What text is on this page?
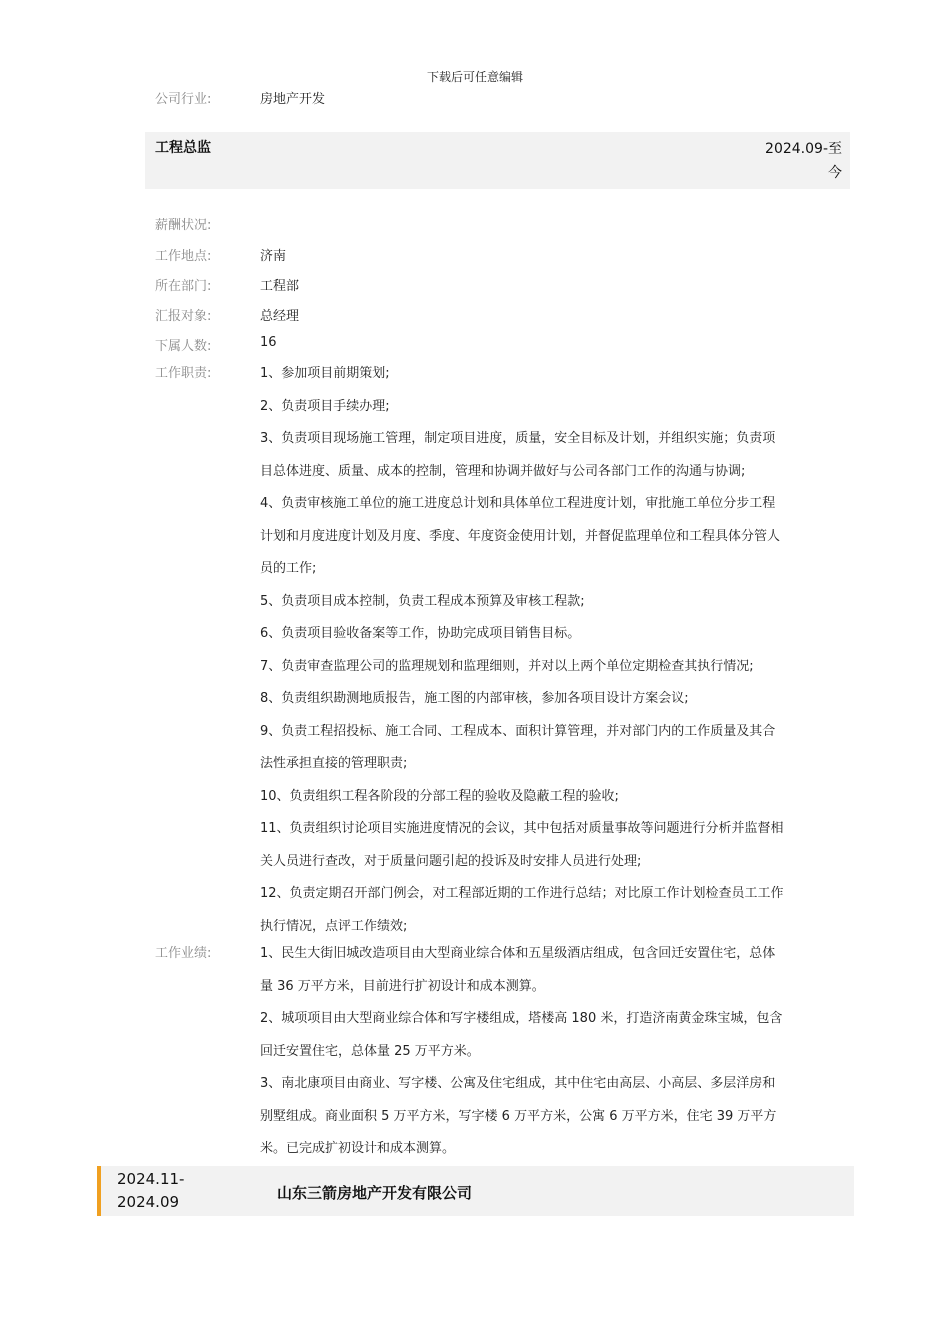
下载后可任意编辑
公司行业:	房地产开发
工程总监	2024.09-至
今
薪酬状况:
工作地点:	济南
所在部门:	工程部
汇报对象:	总经理
下属人数:	16
工作职责:	1、参加项目前期策划;

2、负责项目手续办理;

3、负责项目现场施工管理，制定项目进度，质量，安全目标及计划，并组织实施；负责项

目总体进度、质量、成本的控制，管理和协调并做好与公司各部门工作的沟通与协调;

4、负责审核施工单位的施工进度总计划和具体单位工程进度计划，审批施工单位分步工程

计划和月度进度计划及月度、季度、年度资金使用计划，并督促监理单位和工程具体分管人

员的工作;

5、负责项目成本控制，负责工程成本预算及审核工程款;

6、负责项目验收备案等工作，协助完成项目销售目标。

7、负责审查监理公司的监理规划和监理细则，并对以上两个单位定期检查其执行情况;

8、负责组织勘测地质报告，施工图的内部审核，参加各项目设计方案会议;

9、负责工程招投标、施工合同、工程成本、面积计算管理，并对部门内的工作质量及其合

法性承担直接的管理职责;

10、负责组织工程各阶段的分部工程的验收及隐蔽工程的验收;

11、负责组织讨论项目实施进度情况的会议，其中包括对质量事故等问题进行分析并监督相

关人员进行查改，对于质量问题引起的投诉及时安排人员进行处理;

12、负责定期召开部门例会，对工程部近期的工作进行总结；对比原工作计划检查员工工作

执行情况，点评工作绩效;

工作业绩:	1、民生大街旧城改造项目由大型商业综合体和五星级酒店组成，包含回迁安置住宅，总体

量 36 万平方米，目前进行扩初设计和成本测算。

2、城项项目由大型商业综合体和写字楼组成，塔楼高 180 米，打造济南黄金珠宝城，包含

回迁安置住宅，总体量 25 万平方米。

3、南北康项目由商业、写字楼、公寓及住宅组成，其中住宅由高层、小高层、多层洋房和

别墅组成。商业面积 5 万平方米，写字楼 6 万平方米，公寓 6 万平方米，住宅 39 万平方

米。已完成扩初设计和成本测算。

2024.11-
2024.09	山东三箭房地产开发有限公司
